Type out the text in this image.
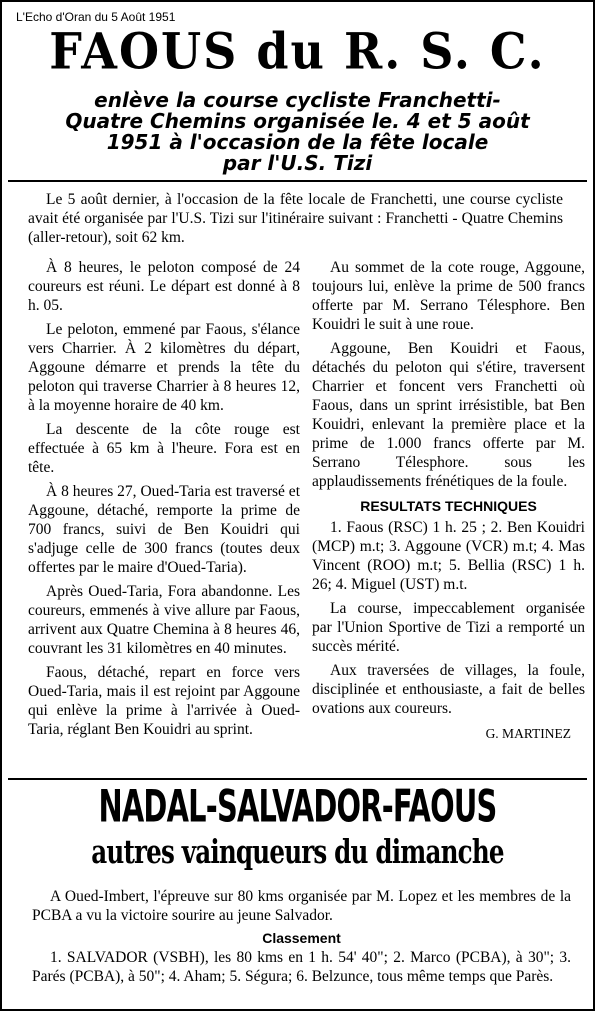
L'Echo d'Oran du 5 Août 1951
FAOUS du R. S. C.
enlève la course cycliste Franchetti-
Quatre Chemins organisée le. 4 et 5 août
1951 à l'occasion de la fête locale
par l'U.S. Tizi

Le 5 août dernier, à l'occasion de la fête locale de Franchetti, une course cycliste avait été organisée par l'U.S. Tizi sur l'itinéraire suivant : Franchetti - Quatre Chemins (aller-retour), soit 62 km.

À 8 heures, le peloton composé de 24 coureurs est réuni. Le départ est donné à 8 h. 05.

Le peloton, emmené par Faous, s'élance vers Charrier. À 2 kilomètres du départ, Aggoune démarre et prends la tête du peloton qui traverse Charrier à 8 heures 12, à la moyenne horaire de 40 km.

La descente de la côte rouge est effectuée à 65 km à l'heure. Fora est en tête.

À 8 heures 27, Oued-Taria est traversé et Aggoune, détaché, remporte la prime de 700 francs, suivi de Ben Kouidri qui s'adjuge celle de 300 francs (toutes deux offertes par le maire d'Oued-Taria).

Après Oued-Taria, Fora abandonne. Les coureurs, emmenés à vive allure par Faous, arrivent aux Quatre Chemina à 8 heures 46, couvrant les 31 kilomètres en 40 minutes.

Faous, détaché, repart en force vers Oued-Taria, mais il est rejoint par Aggoune qui enlève la prime à l'arrivée à Oued-Taria, réglant Ben Kouidri au sprint.

Au sommet de la cote rouge, Aggoune, toujours lui, enlève la prime de 500 francs offerte par M. Serrano Télesphore. Ben Kouidri le suit à une roue.

Aggoune, Ben Kouidri et Faous, détachés du peloton qui s'étire, traversent Charrier et foncent vers Franchetti où Faous, dans un sprint irrésistible, bat Ben Kouidri, enlevant la première place et la prime de 1.000 francs offerte par M. Serrano Télesphore. sous les applaudissements frénétiques de la foule.

RESULTATS TECHNIQUES

1. Faous (RSC) 1 h. 25 ; 2. Ben Kouidri (MCP) m.t; 3. Aggoune (VCR) m.t; 4. Mas Vincent (ROO) m.t; 5. Bellia (RSC) 1 h. 26; 4. Miguel (UST) m.t.

La course, impeccablement organisée par l'Union Sportive de Tizi a remporté un succès mérité.

Aux traversées de villages, la foule, disciplinée et enthousiaste, a fait de belles ovations aux coureurs.

G. MARTINEZ
NADAL-SALVADOR-FAOUS
autres vainqueurs du dimanche

A Oued-Imbert, l'épreuve sur 80 kms organisée par M. Lopez et les membres de la PCBA a vu la victoire sourire au jeune Salvador.

Classement

1. SALVADOR (VSBH), les 80 kms en 1 h. 54' 40"; 2. Marco (PCBA), à 30"; 3. Parés (PCBA), à 50"; 4. Aham; 5. Ségura; 6. Belzunce, tous même temps que Parès.
